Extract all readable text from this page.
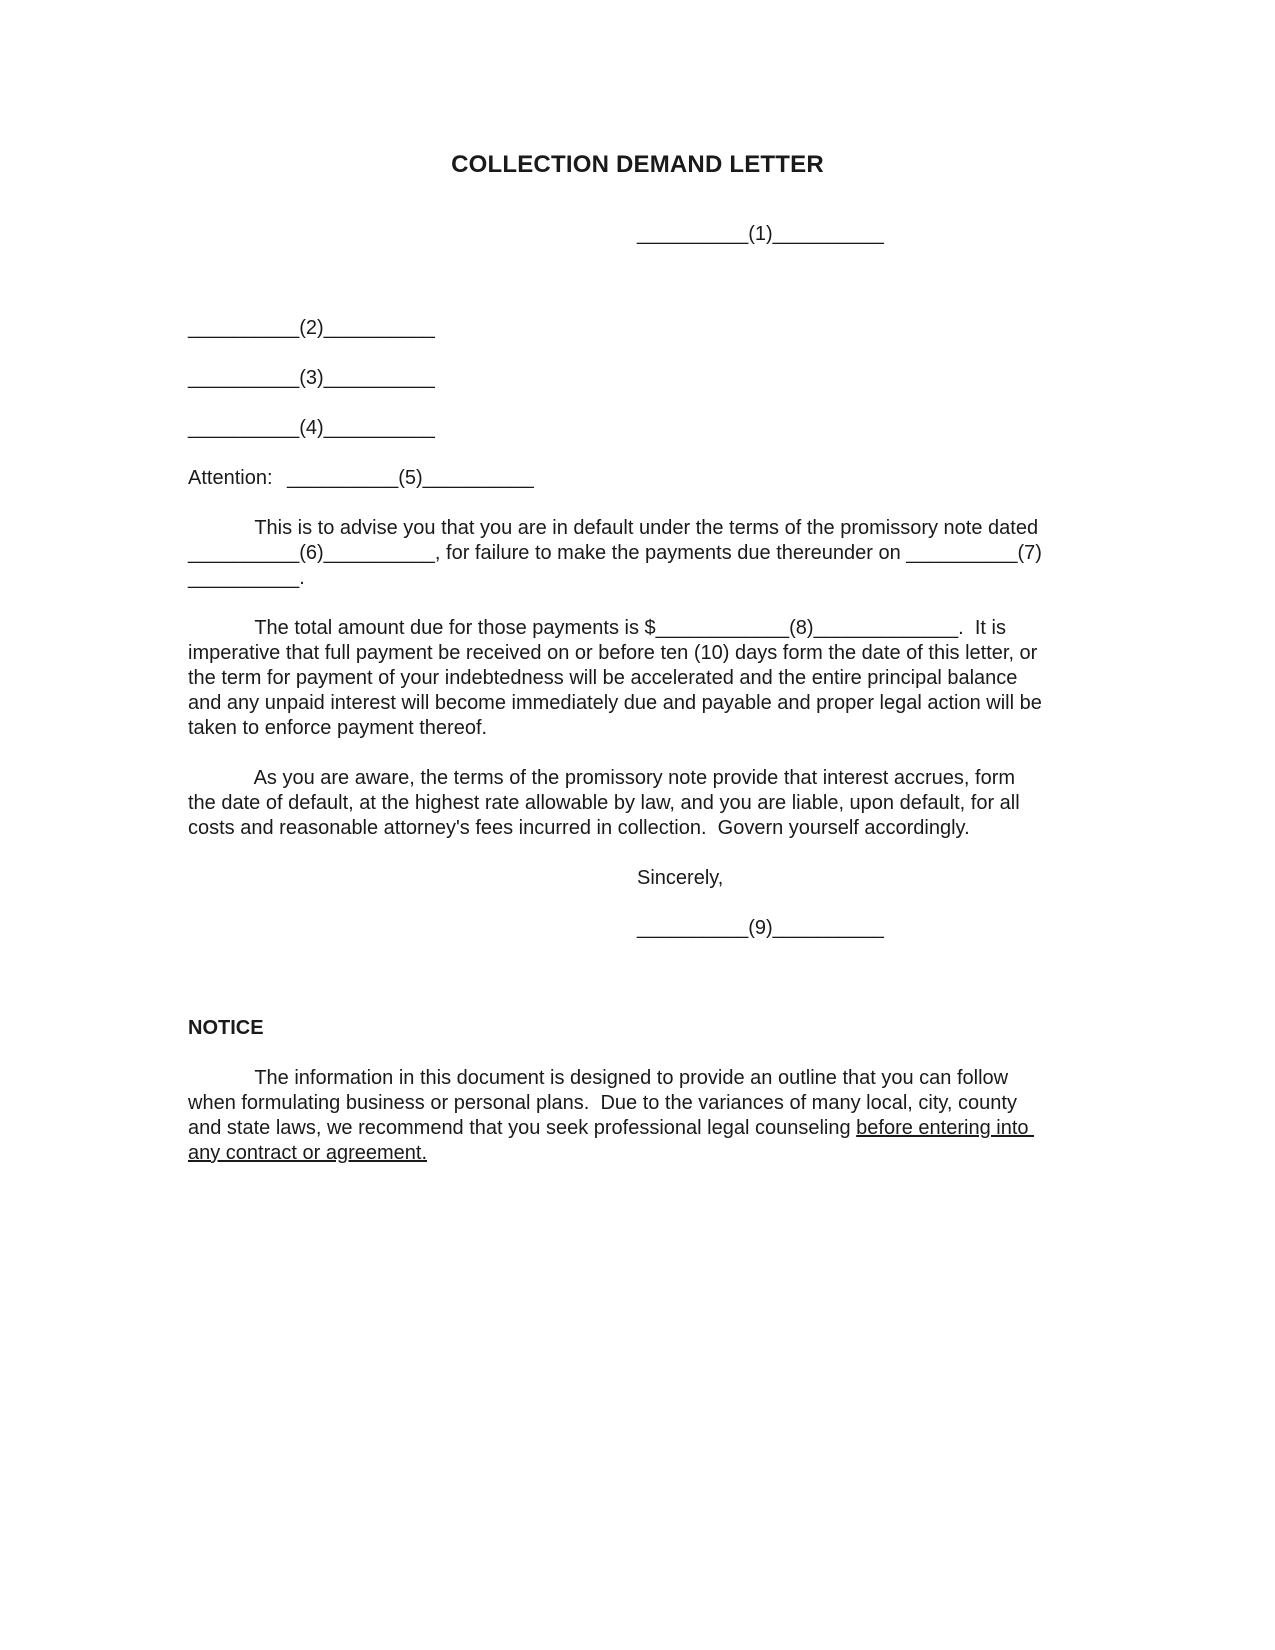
COLLECTION DEMAND LETTER
__________(1)__________
__________(2)__________
__________(3)__________
__________(4)__________
Attention: __________(5)__________
This is to advise you that you are in default under the terms of the promissory note dated
__________(6)__________, for failure to make the payments due thereunder on __________(7)
__________.
The total amount due for those payments is $____________(8)_____________.  It is
imperative that full payment be received on or before ten (10) days form the date of this letter, or
the term for payment of your indebtedness will be accelerated and the entire principal balance
and any unpaid interest will become immediately due and payable and proper legal action will be
taken to enforce payment thereof.
As you are aware, the terms of the promissory note provide that interest accrues, form
the date of default, at the highest rate allowable by law, and you are liable, upon default, for all
costs and reasonable attorney's fees incurred in collection.  Govern yourself accordingly.
Sincerely,
__________(9)__________
NOTICE
The information in this document is designed to provide an outline that you can follow
when formulating business or personal plans.  Due to the variances of many local, city, county
and state laws, we recommend that you seek professional legal counseling before entering into
any contract or agreement.
